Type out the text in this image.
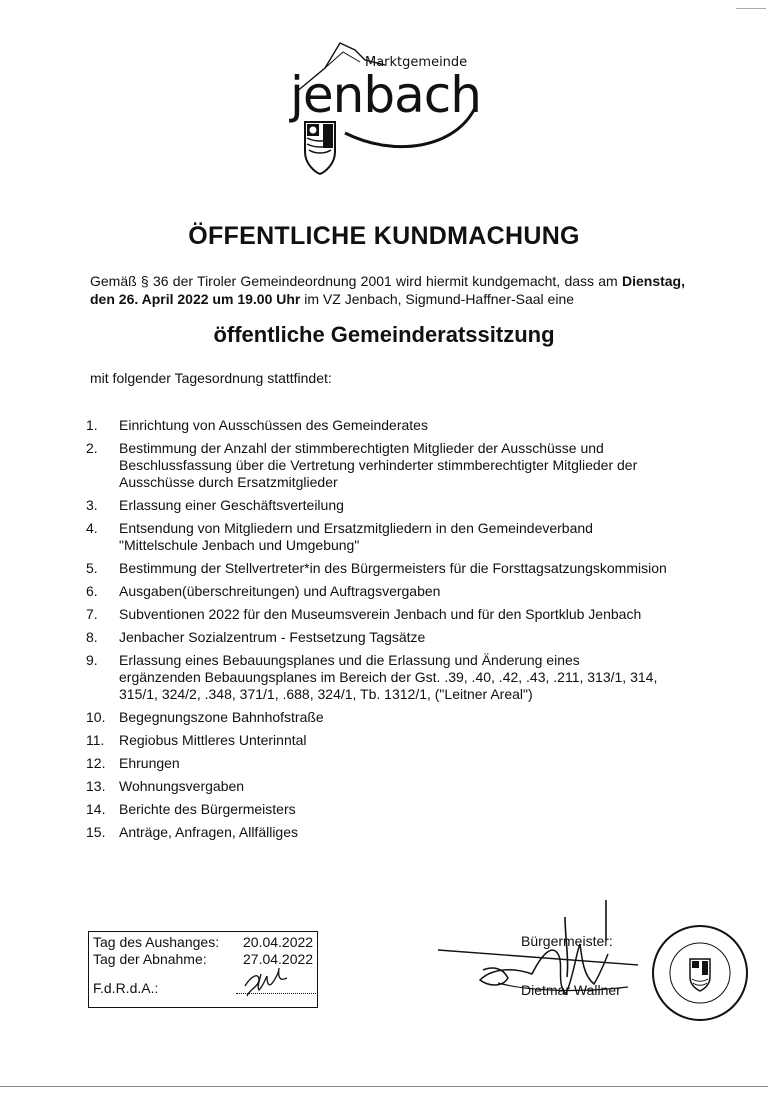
Marktgemeinde
jenbach
ÖFFENTLICHE KUNDMACHUNG
Gemäß § 36 der Tiroler Gemeindeordnung 2001 wird hiermit kundgemacht, dass am Dienstag, den 26. April 2022 um 19.00 Uhr im VZ Jenbach, Sigmund-Haffner-Saal eine
öffentliche Gemeinderatssitzung
mit folgender Tagesordnung stattfindet:
1.	Einrichtung von Ausschüssen des Gemeinderates
2.	Bestimmung der Anzahl der stimmberechtigten Mitglieder der Ausschüsse und
Beschlussfassung über die Vertretung verhinderter stimmberechtigter Mitglieder der
Ausschüsse durch Ersatzmitglieder
3.	Erlassung einer Geschäftsverteilung
4.	Entsendung von Mitgliedern und Ersatzmitgliedern in den Gemeindeverband
"Mittelschule Jenbach und Umgebung"
5.	Bestimmung der Stellvertreter*in des Bürgermeisters für die Forsttagsatzungskommision
6.	Ausgaben(überschreitungen) und Auftragsvergaben
7.	Subventionen 2022 für den Museumsverein Jenbach und für den Sportklub Jenbach
8.	Jenbacher Sozialzentrum - Festsetzung Tagsätze
9.	Erlassung eines Bebauungsplanes und die Erlassung und Änderung eines
ergänzenden Bebauungsplanes im Bereich der Gst. .39, .40, .42, .43, .211, 313/1, 314,
315/1, 324/2, .348, 371/1, .688, 324/1, Tb. 1312/1, ("Leitner Areal")
10. Begegnungszone Bahnhofstraße
11.	Regiobus Mittleres Unterinntal
12. Ehrungen
13. Wohnungsvergaben
14. Berichte des Bürgermeisters
15. Anträge, Anfragen, Allfälliges
Tag des Aushanges: 20.04.2022
Tag der Abnahme:	27.04.2022
F.d.R.d.A.:
Bürgermeister:
Dietmar Wallner
